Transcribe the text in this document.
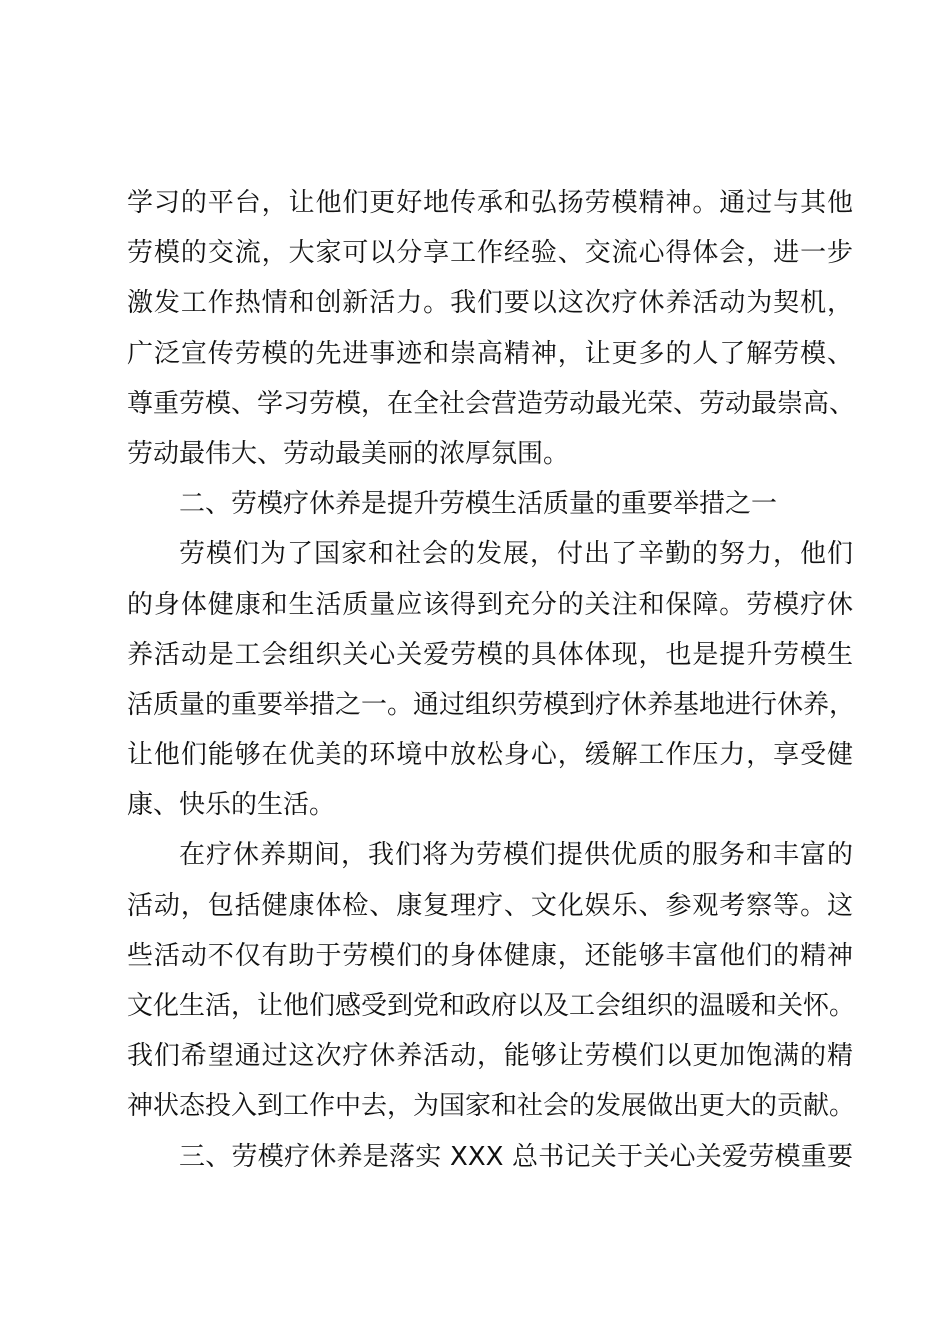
学习的平台，让他们更好地传承和弘扬劳模精神。通过与其他
劳模的交流，大家可以分享工作经验、交流心得体会，进一步
激发工作热情和创新活力。我们要以这次疗休养活动为契机，
广泛宣传劳模的先进事迹和崇高精神，让更多的人了解劳模、
尊重劳模、学习劳模，在全社会营造劳动最光荣、劳动最崇高、
劳动最伟大、劳动最美丽的浓厚氛围。
二、劳模疗休养是提升劳模生活质量的重要举措之一
劳模们为了国家和社会的发展，付出了辛勤的努力，他们
的身体健康和生活质量应该得到充分的关注和保障。劳模疗休
养活动是工会组织关心关爱劳模的具体体现，也是提升劳模生
活质量的重要举措之一。通过组织劳模到疗休养基地进行休养，
让他们能够在优美的环境中放松身心，缓解工作压力，享受健
康、快乐的生活。
在疗休养期间，我们将为劳模们提供优质的服务和丰富的
活动，包括健康体检、康复理疗、文化娱乐、参观考察等。这
些活动不仅有助于劳模们的身体健康，还能够丰富他们的精神
文化生活，让他们感受到党和政府以及工会组织的温暖和关怀。
我们希望通过这次疗休养活动，能够让劳模们以更加饱满的精
神状态投入到工作中去，为国家和社会的发展做出更大的贡献。
三、劳模疗休养是落实 XXX 总书记关于关心关爱劳模重要
